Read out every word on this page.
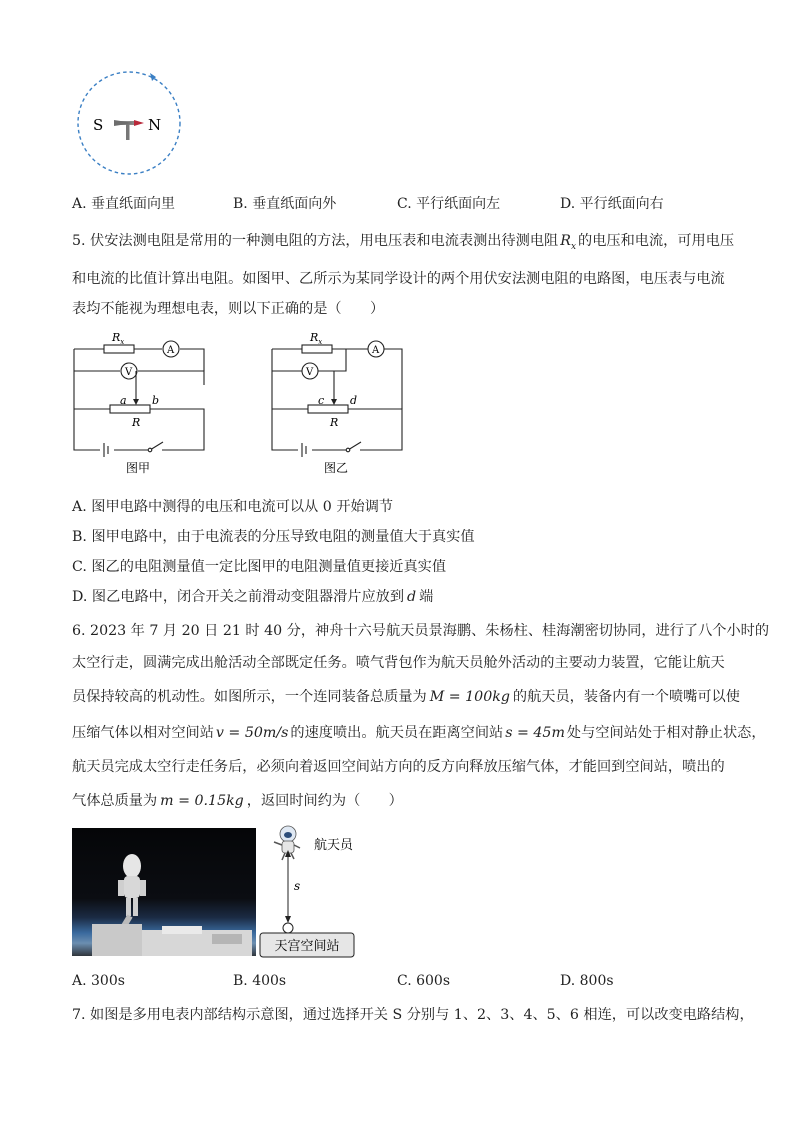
S	N
A. 垂直纸面向里	B. 垂直纸面向外	C. 平行纸面向左	D. 平行纸面向右
5. 伏安法测电阻是常用的一种测电阻的方法，用电压表和电流表测出待测电阻 $R_x$ 的电压和电流，可用电压
和电流的比值计算出电阻。如图甲、乙所示为某同学设计的两个用伏安法测电阻的电路图，电压表与电流
表均不能视为理想电表，则以下正确的是（　　）
$R_x$
A
V
a b
R
图甲
$R_x$
A
V
c d
R
图乙
A. 图甲电路中测得的电压和电流可以从 0 开始调节
B. 图甲电路中，由于电流表的分压导致电阻的测量值大于真实值
C. 图乙的电阻测量值一定比图甲的电阻测量值更接近真实值
D. 图乙电路中，闭合开关之前滑动变阻器滑片应放到 d 端
6. 2023 年 7 月 20 日 21 时 40 分，神舟十六号航天员景海鹏、朱杨柱、桂海潮密切协同，进行了八个小时的
太空行走，圆满完成出舱活动全部既定任务。喷气背包作为航天员舱外活动的主要动力装置，它能让航天
员保持较高的机动性。如图所示，一个连同装备总质量为 M = 100kg 的航天员，装备内有一个喷嘴可以使
压缩气体以相对空间站 v = 50m/s 的速度喷出。航天员在距离空间站 s = 45m 处与空间站处于相对静止状态，
航天员完成太空行走任务后，必须向着返回空间站方向的反方向释放压缩气体，才能回到空间站，喷出的
气体总质量为 m = 0.15kg ，返回时间约为（　　）
s
航天员
天宫空间站
A. 300s	B. 400s	C. 600s	D. 800s
7. 如图是多用电表内部结构示意图，通过选择开关 S 分别与 1、2、3、4、5、6 相连，可以改变电路结构，
